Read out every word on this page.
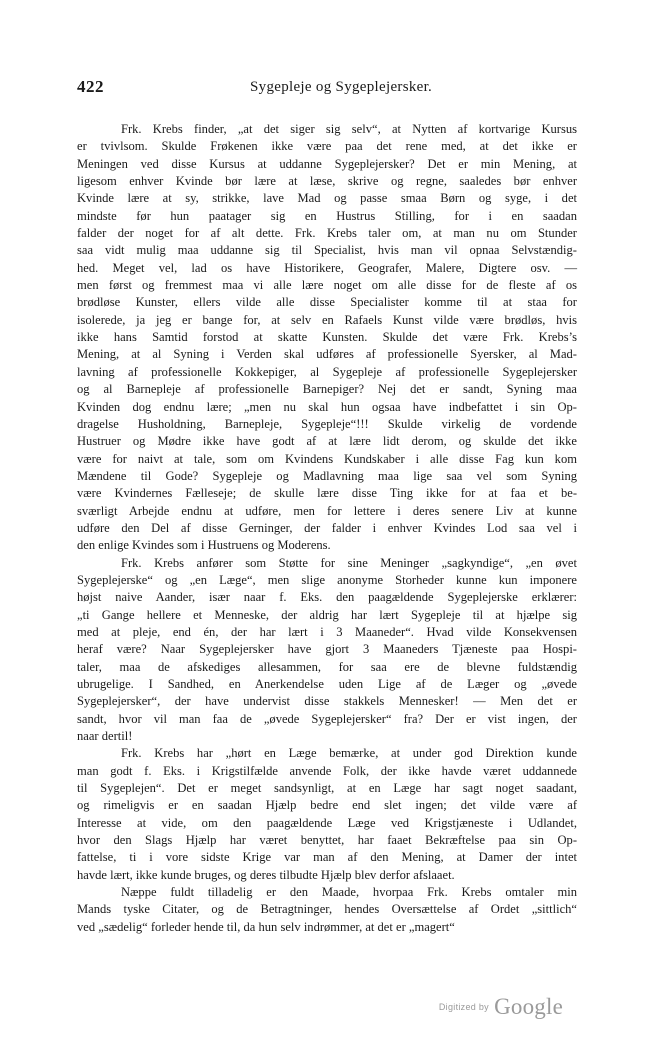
422	Sygepleje og Sygeplejersker.
Frk. Krebs finder, „at det siger sig selv“, at Nytten af kortvarige Kursus
er tvivlsom. Skulde Frøkenen ikke være paa det rene med, at det ikke er
Meningen ved disse Kursus at uddanne Sygeplejersker? Det er min Mening, at
ligesom enhver Kvinde bør lære at læse, skrive og regne, saaledes bør enhver
Kvinde lære at sy, strikke, lave Mad og passe smaa Børn og syge, i det
mindste før hun paatager sig en Hustrus Stilling, for i en saadan
falder der noget for af alt dette. Frk. Krebs taler om, at man nu om Stunder
saa vidt mulig maa uddanne sig til Specialist, hvis man vil opnaa Selvstændig-
hed. Meget vel, lad os have Historikere, Geografer, Malere, Digtere osv. —
men først og fremmest maa vi alle lære noget om alle disse for de fleste af os
brødløse Kunster, ellers vilde alle disse Specialister komme til at staa for
isolerede, ja jeg er bange for, at selv en Rafaels Kunst vilde være brødløs, hvis
ikke hans Samtid forstod at skatte Kunsten. Skulde det være Frk. Krebs’s
Mening, at al Syning i Verden skal udføres af professionelle Syersker, al Mad-
lavning af professionelle Kokkepiger, al Sygepleje af professionelle Sygeplejersker
og al Barnepleje af professionelle Barnepiger? Nej det er sandt, Syning maa
Kvinden dog endnu lære; „men nu skal hun ogsaa have indbefattet i sin Op-
dragelse Husholdning, Barnepleje, Sygepleje“!!! Skulde virkelig de vordende
Hustruer og Mødre ikke have godt af at lære lidt derom, og skulde det ikke
være for naivt at tale, som om Kvindens Kundskaber i alle disse Fag kun kom
Mændene til Gode? Sygepleje og Madlavning maa lige saa vel som Syning
være Kvindernes Fælleseje; de skulle lære disse Ting ikke for at faa et be-
sværligt Arbejde endnu at udføre, men for lettere i deres senere Liv at kunne
udføre den Del af disse Gerninger, der falder i enhver Kvindes Lod saa vel i
den enlige Kvindes som i Hustruens og Moderens.
Frk. Krebs anfører som Støtte for sine Meninger „sagkyndige“, „en øvet
Sygeplejerske“ og „en Læge“, men slige anonyme Storheder kunne kun imponere
højst naive Aander, især naar f. Eks. den paagældende Sygeplejerske erklærer:
„ti Gange hellere et Menneske, der aldrig har lært Sygepleje til at hjælpe sig
med at pleje, end én, der har lært i 3 Maaneder“. Hvad vilde Konsekvensen
heraf være? Naar Sygeplejersker have gjort 3 Maaneders Tjæneste paa Hospi-
taler, maa de afskediges allesammen, for saa ere de blevne fuldstændig
ubrugelige. I Sandhed, en Anerkendelse uden Lige af de Læger og „øvede
Sygeplejersker“, der have undervist disse stakkels Mennesker! — Men det er
sandt, hvor vil man faa de „øvede Sygeplejersker“ fra? Der er vist ingen, der
naar dertil!
Frk. Krebs har „hørt en Læge bemærke, at under god Direktion kunde
man godt f. Eks. i Krigstilfælde anvende Folk, der ikke havde været uddannede
til Sygeplejen“. Det er meget sandsynligt, at en Læge har sagt noget saadant,
og rimeligvis er en saadan Hjælp bedre end slet ingen; det vilde være af
Interesse at vide, om den paagældende Læge ved Krigstjæneste i Udlandet,
hvor den Slags Hjælp har været benyttet, har faaet Bekræftelse paa sin Op-
fattelse, ti i vore sidste Krige var man af den Mening, at Damer der intet
havde lært, ikke kunde bruges, og deres tilbudte Hjælp blev derfor afslaaet.
Næppe fuldt tilladelig er den Maade, hvorpaa Frk. Krebs omtaler min
Mands tyske Citater, og de Betragtninger, hendes Oversættelse af Ordet „sittlich“
ved „sædelig“ forleder hende til, da hun selv indrømmer, at det er „magert“
$^{Digitized by}$ Google
